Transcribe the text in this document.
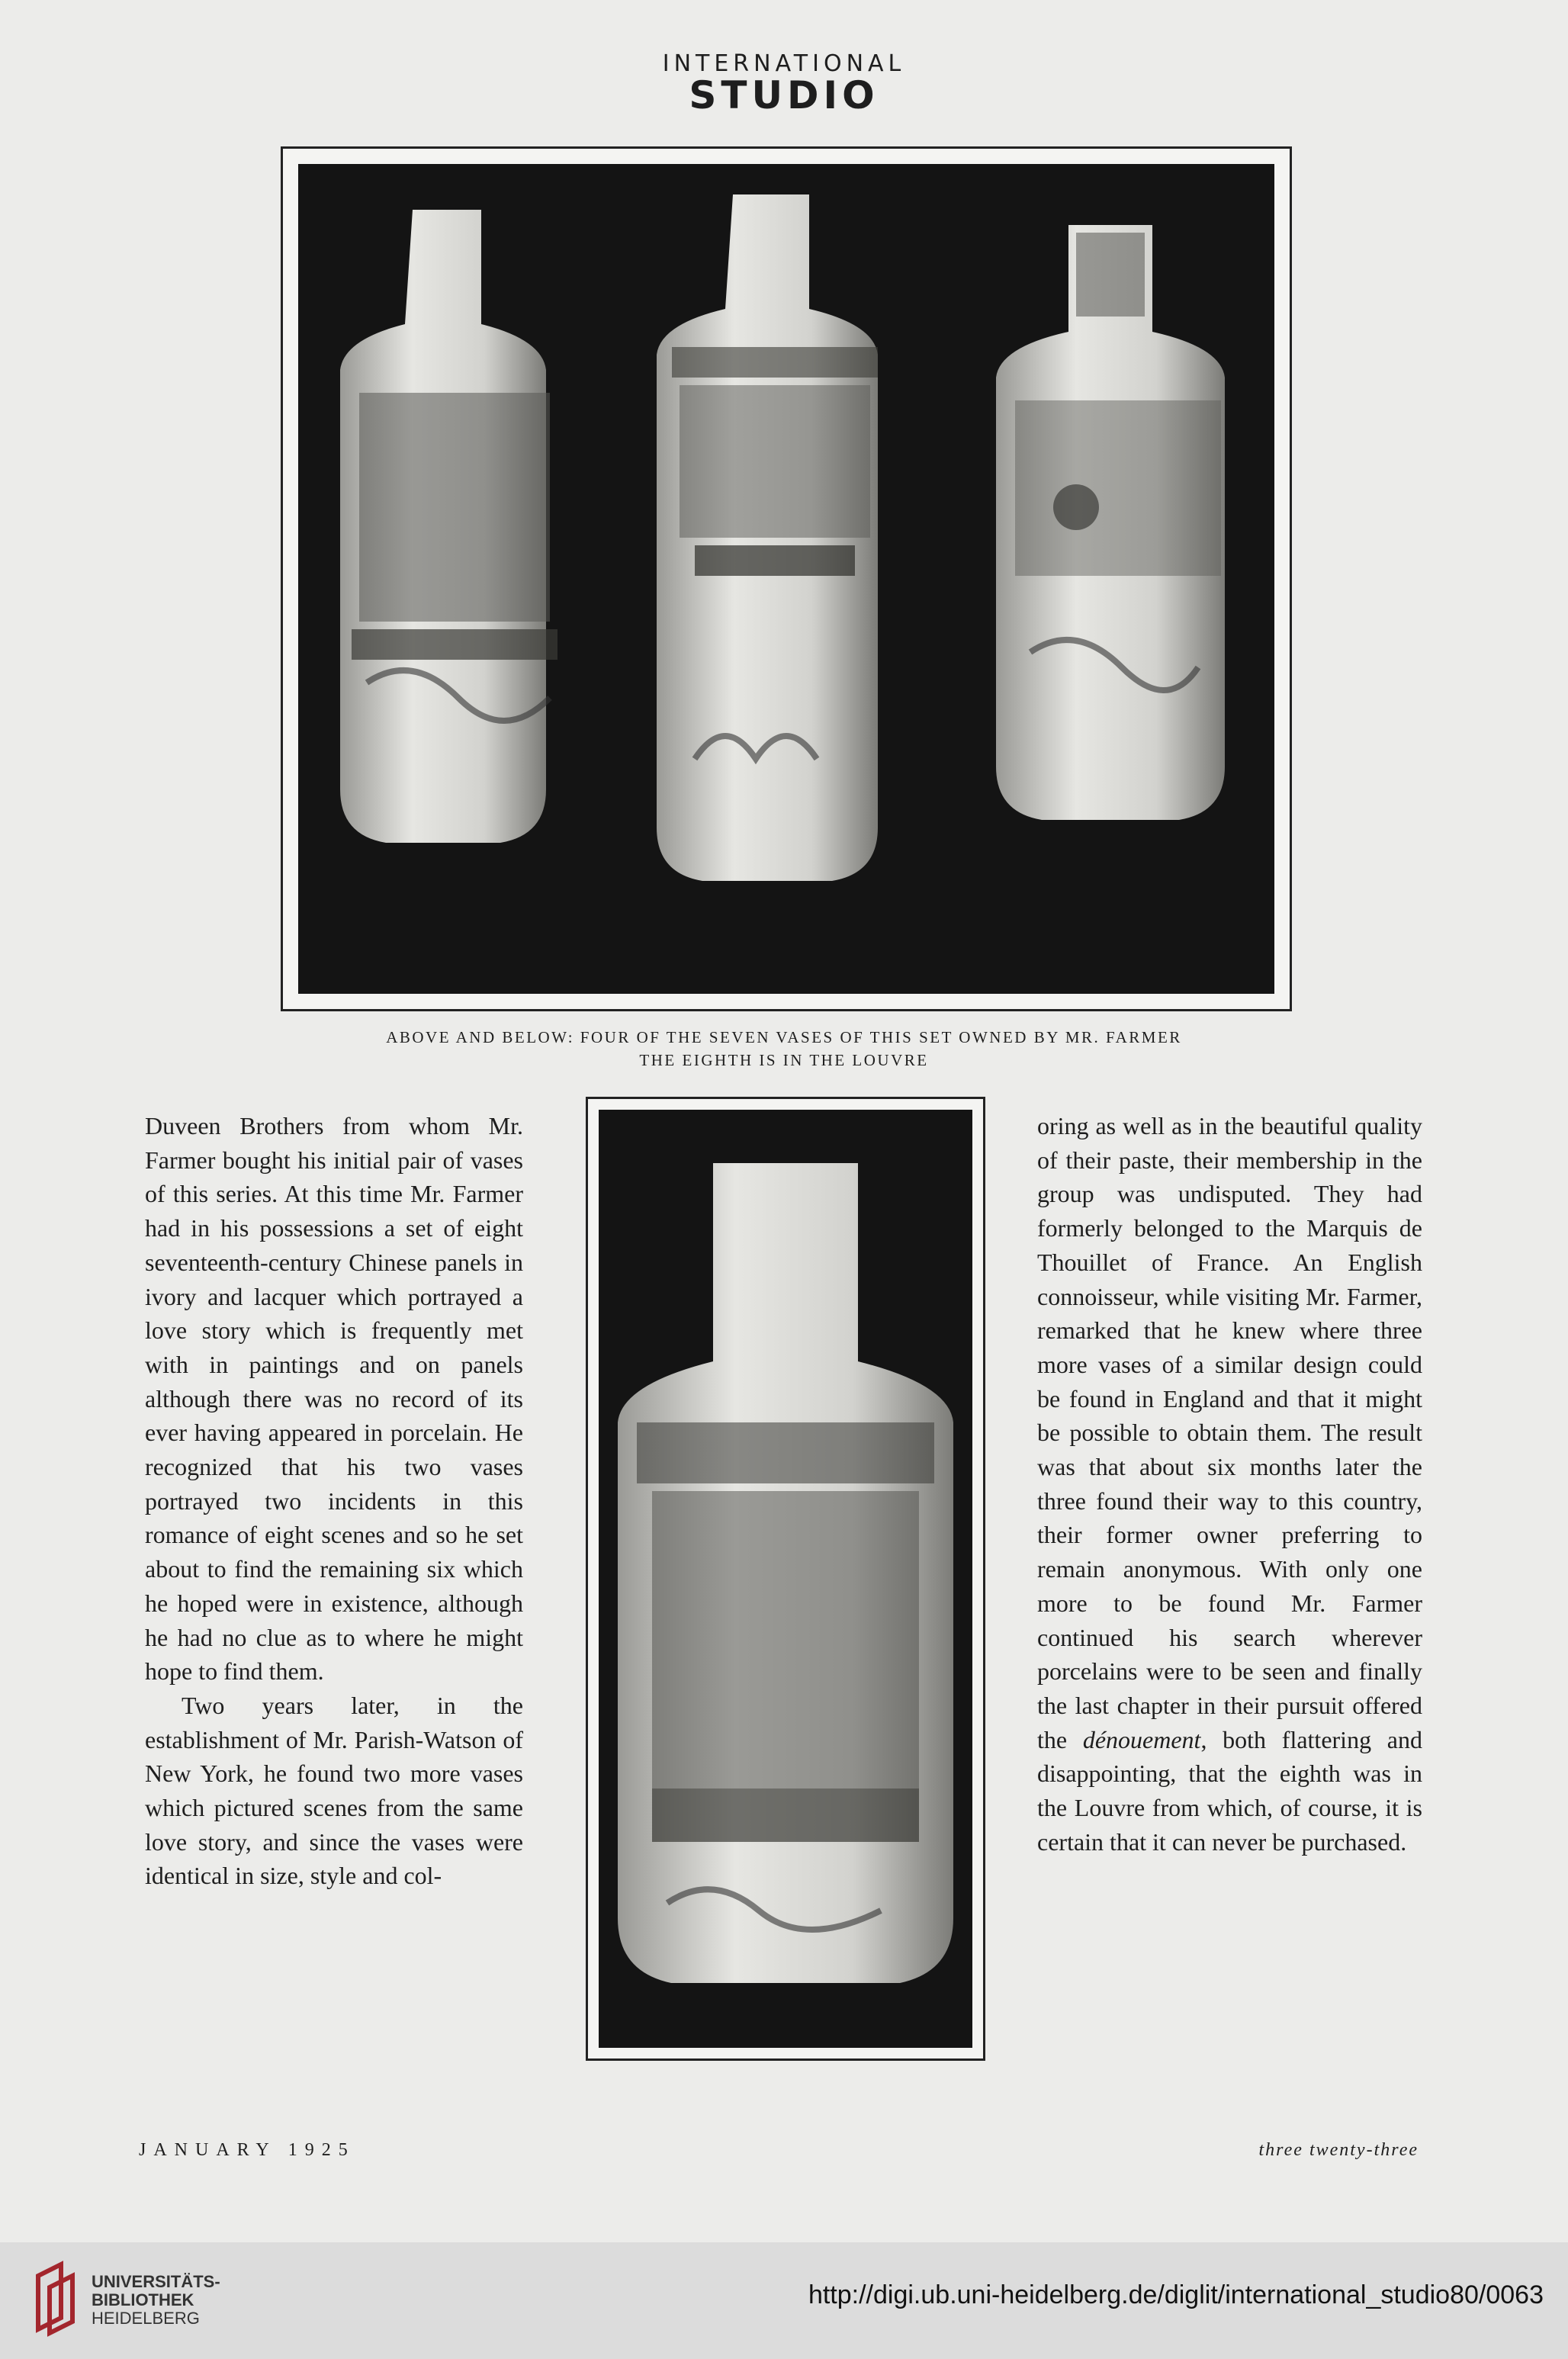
INTERNATIONAL
STUDIO
ABOVE AND BELOW: FOUR OF THE SEVEN VASES OF THIS SET OWNED BY MR. FARMER
THE EIGHTH IS IN THE LOUVRE

Duveen Brothers from whom Mr. Farmer bought his initial pair of vases of this series. At this time Mr. Farmer had in his possessions a set of eight seventeenth-century Chinese panels in ivory and lacquer which portrayed a love story which is frequently met with in paintings and on panels although there was no record of its ever having appeared in porcelain. He recognized that his two vases portrayed two incidents in this romance of eight scenes and so he set about to find the remaining six which he hoped were in existence, although he had no clue as to where he might hope to find them.

Two years later, in the establishment of Mr. Parish-Watson of New York, he found two more vases which pictured scenes from the same love story, and since the vases were identical in size, style and col-

oring as well as in the beautiful quality of their paste, their membership in the group was undisputed. They had formerly belonged to the Marquis de Thouillet of France. An English connoisseur, while visiting Mr. Farmer, remarked that he knew where three more vases of a similar design could be found in England and that it might be possible to obtain them. The result was that about six months later the three found their way to this country, their former owner preferring to remain anonymous. With only one more to be found Mr. Farmer continued his search wherever porcelains were to be seen and finally the last chapter in their pursuit offered the dénouement, both flattering and disappointing, that the eighth was in the Louvre from which, of course, it is certain that it can never be purchased.

JANUARY 1925	three twenty-three
UNIVERSITÄTS-
BIBLIOTHEK
HEIDELBERG
http://digi.ub.uni-heidelberg.de/diglit/international_studio80/0063
